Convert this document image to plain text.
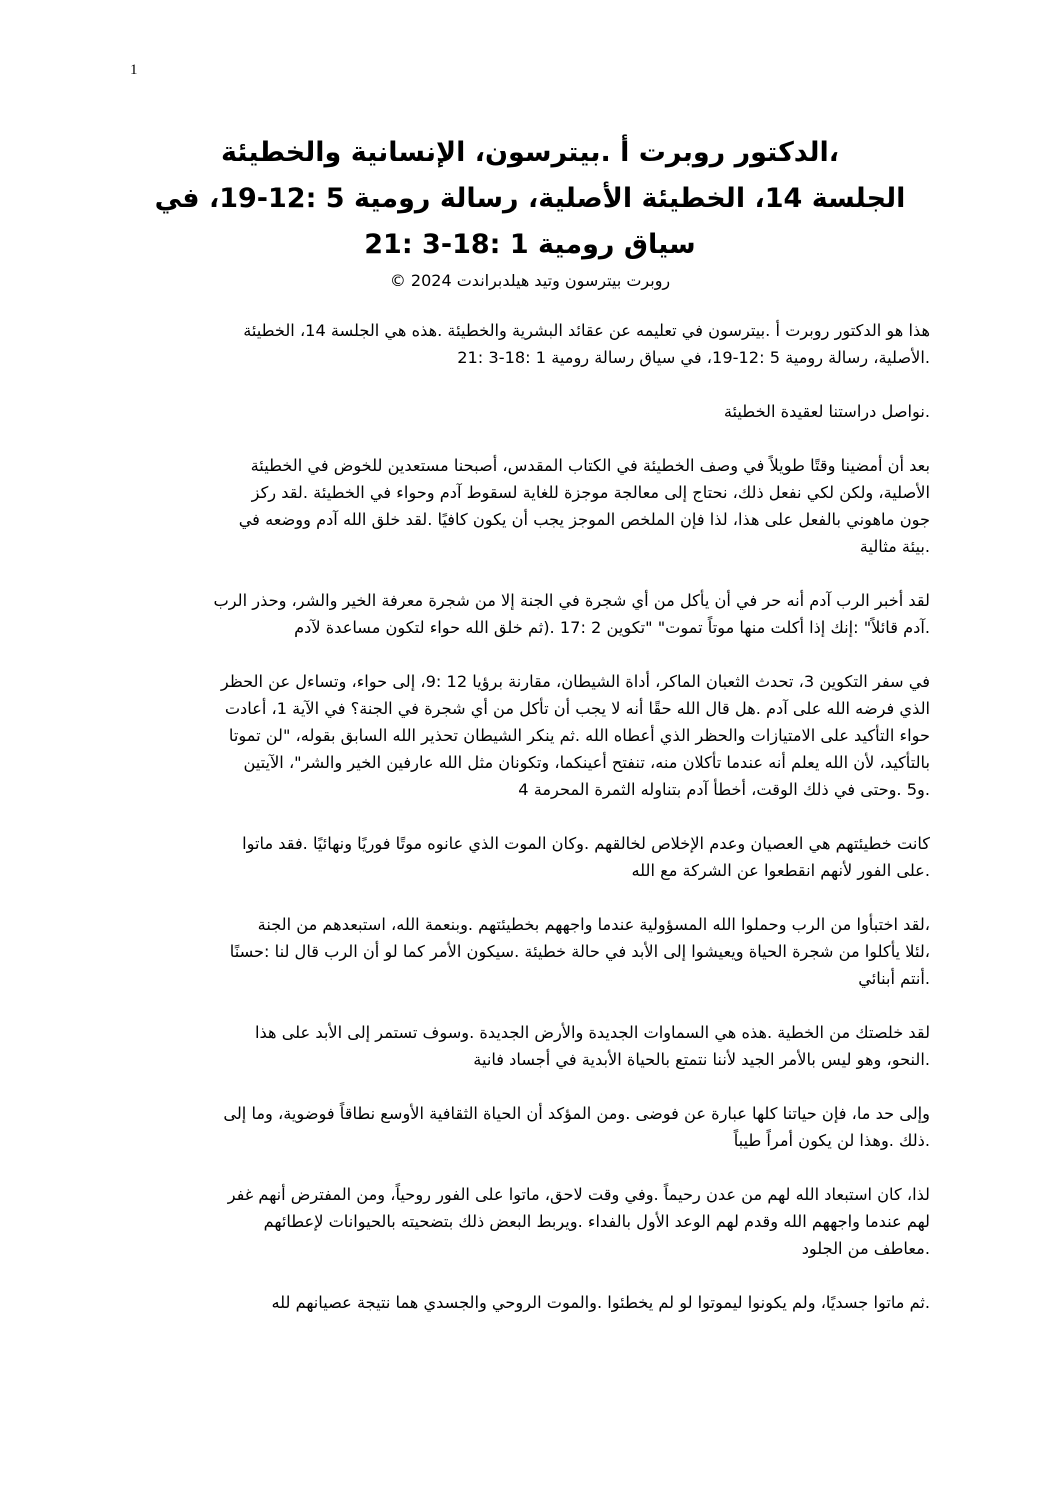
1
،الدكتور روبرت أ .بيترسون، الإنسانية والخطيئة
الجلسة 14، الخطيئة الأصلية، رسالة رومية 5 :12-19، في
سياق رومية 1 :18-3 :21
روبرت بيترسون وتيد هيلدبراندت 2024 ©
هذا هو الدكتور روبرت أ .بيترسون في تعليمه عن عقائد البشرية والخطيئة .هذه هي الجلسة 14، الخطيئة
.الأصلية، رسالة رومية 5 :12-19، في سياق رسالة رومية 1 :18-3 :21
.نواصل دراستنا لعقيدة الخطيئة
بعد أن أمضينا وقتًا طويلاً في وصف الخطيئة في الكتاب المقدس، أصبحنا مستعدين للخوض في الخطيئة
الأصلية، ولكن لكي نفعل ذلك، نحتاج إلى معالجة موجزة للغاية لسقوط آدم وحواء في الخطيئة .لقد ركز
جون ماهوني بالفعل على هذا، لذا فإن الملخص الموجز يجب أن يكون كافيًا .لقد خلق الله آدم ووضعه في
.بيئة مثالية
لقد أخبر الرب آدم أنه حر في أن يأكل من أي شجرة في الجنة إلا من شجرة معرفة الخير والشر، وحذر الرب
.آدم قائلاً" :إنك إذا أكلت منها موتاً تموت" "تكوين 2 :17 .(ثم خلق الله حواء لتكون مساعدة لآدم
في سفر التكوين 3، تحدث الثعبان الماكر، أداة الشيطان، مقارنة برؤيا 12 :9، إلى حواء، وتساءل عن الحظر
الذي فرضه الله على آدم .هل قال الله حقًا أنه لا يجب أن تأكل من أي شجرة في الجنة؟ في الآية 1، أعادت
حواء التأكيد على الامتيازات والحظر الذي أعطاه الله .ثم ينكر الشيطان تحذير الله السابق بقوله، "لن تموتا
بالتأكيد، لأن الله يعلم أنه عندما تأكلان منه، تنفتح أعينكما، وتكونان مثل الله عارفين الخير والشر"، الآيتين
.و5 .وحتى في ذلك الوقت، أخطأ آدم بتناوله الثمرة المحرمة 4
كانت خطيئتهم هي العصيان وعدم الإخلاص لخالقهم .وكان الموت الذي عانوه موتًا فوريًا ونهائيًا .فقد ماتوا
.على الفور لأنهم انقطعوا عن الشركة مع الله
،لقد اختبأوا من الرب وحملوا الله المسؤولية عندما واجههم بخطيئتهم .وبنعمة الله، استبعدهم من الجنة
،لئلا يأكلوا من شجرة الحياة ويعيشوا إلى الأبد في حالة خطيئة .سيكون الأمر كما لو أن الرب قال لنا :حسنًا
.أنتم أبنائي
لقد خلصتك من الخطية .هذه هي السماوات الجديدة والأرض الجديدة .وسوف تستمر إلى الأبد على هذا
.النحو، وهو ليس بالأمر الجيد لأننا نتمتع بالحياة الأبدية في أجساد فانية
وإلى حد ما، فإن حياتنا كلها عبارة عن فوضى .ومن المؤكد أن الحياة الثقافية الأوسع نطاقاً فوضوية، وما إلى
.ذلك .وهذا لن يكون أمراً طيباً
لذا، كان استبعاد الله لهم من عدن رحيماً .وفي وقت لاحق، ماتوا على الفور روحياً، ومن المفترض أنهم غفر
لهم عندما واجههم الله وقدم لهم الوعد الأول بالفداء .ويربط البعض ذلك بتضحيته بالحيوانات لإعطائهم
.معاطف من الجلود
.ثم ماتوا جسديًا، ولم يكونوا ليموتوا لو لم يخطئوا .والموت الروحي والجسدي هما نتيجة عصيانهم لله
